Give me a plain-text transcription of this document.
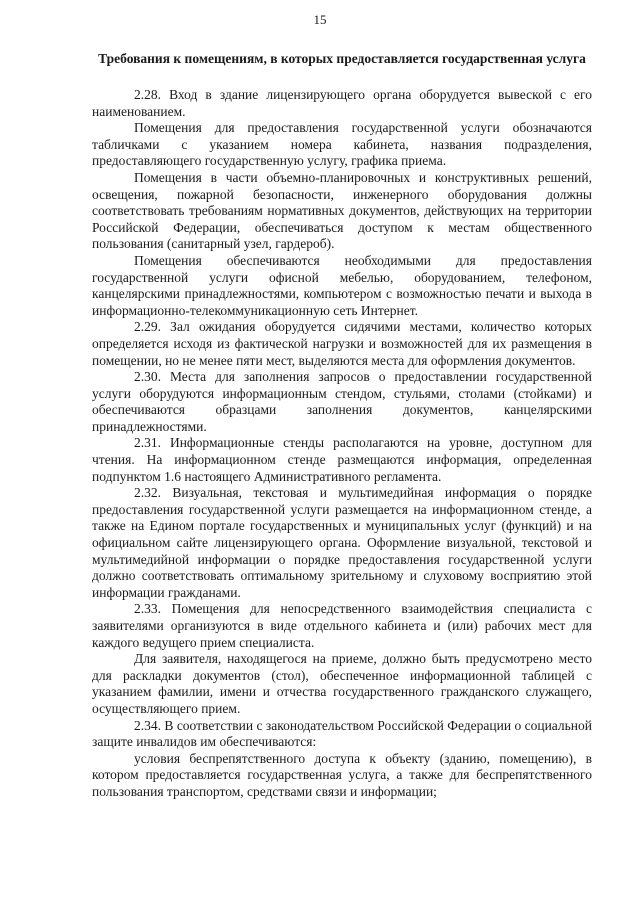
15
Требования к помещениям, в которых предоставляется государственная услуга

2.28. Вход в здание лицензирующего органа оборудуется вывеской с его наименованием.

Помещения для предоставления государственной услуги обозначаются табличками с указанием номера кабинета, названия подразделения, предоставляющего государственную услугу, графика приема.

Помещения в части объемно-планировочных и конструктивных решений, освещения, пожарной безопасности, инженерного оборудования должны соответствовать требованиям нормативных документов, действующих на территории Российской Федерации, обеспечиваться доступом к местам общественного пользования (санитарный узел, гардероб).

Помещения обеспечиваются необходимыми для предоставления государственной услуги офисной мебелью, оборудованием, телефоном, канцелярскими принадлежностями, компьютером с возможностью печати и выхода в информационно-телекоммуникационную сеть Интернет.

2.29. Зал ожидания оборудуется сидячими местами, количество которых определяется исходя из фактической нагрузки и возможностей для их размещения в помещении, но не менее пяти мест, выделяются места для оформления документов.

2.30. Места для заполнения запросов о предоставлении государственной услуги оборудуются информационным стендом, стульями, столами (стойками) и обеспечиваются образцами заполнения документов, канцелярскими принадлежностями.

2.31. Информационные стенды располагаются на уровне, доступном для чтения. На информационном стенде размещаются информация, определенная подпунктом 1.6 настоящего Административного регламента.

2.32. Визуальная, текстовая и мультимедийная информация о порядке предоставления государственной услуги размещается на информационном стенде, а также на Едином портале государственных и муниципальных услуг (функций) и на официальном сайте лицензирующего органа. Оформление визуальной, текстовой и мультимедийной информации о порядке предоставления государственной услуги должно соответствовать оптимальному зрительному и слуховому восприятию этой информации гражданами.

2.33. Помещения для непосредственного взаимодействия специалиста с заявителями организуются в виде отдельного кабинета и (или) рабочих мест для каждого ведущего прием специалиста.

Для заявителя, находящегося на приеме, должно быть предусмотрено место для раскладки документов (стол), обеспеченное информационной таблицей с указанием фамилии, имени и отчества государственного гражданского служащего, осуществляющего прием.

2.34. В соответствии с законодательством Российской Федерации о социальной защите инвалидов им обеспечиваются:

условия беспрепятственного доступа к объекту (зданию, помещению), в котором предоставляется государственная услуга, а также для беспрепятственного пользования транспортом, средствами связи и информации;
